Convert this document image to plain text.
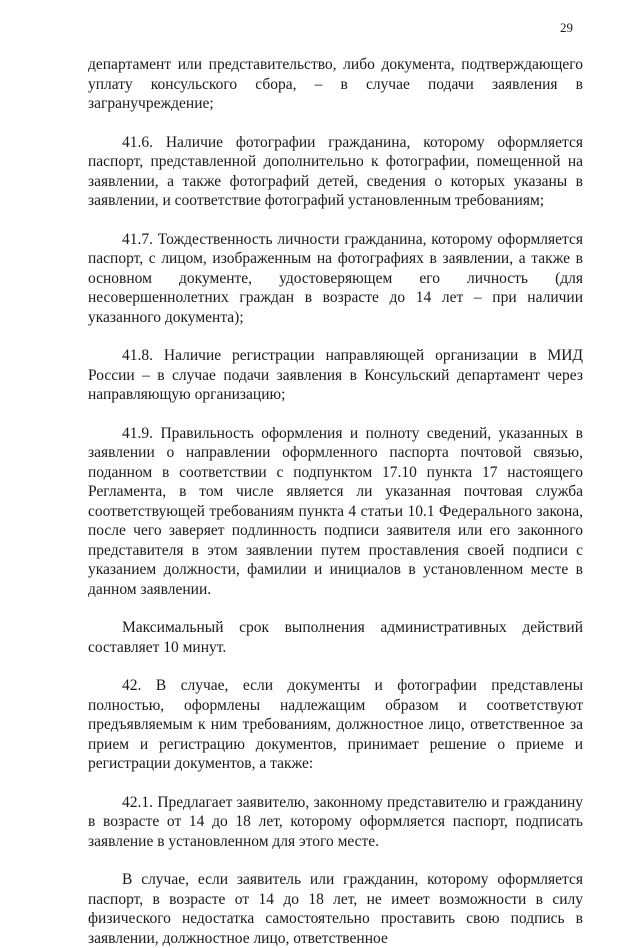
29

департамент или представительство, либо документа, подтверждающего уплату консульского сбора, – в случае подачи заявления в загранучреждение;

41.6. Наличие фотографии гражданина, которому оформляется паспорт, представленной дополнительно к фотографии, помещенной на заявлении, а также фотографий детей, сведения о которых указаны в заявлении, и соответствие фотографий установленным требованиям;

41.7. Тождественность личности гражданина, которому оформляется паспорт, с лицом, изображенным на фотографиях в заявлении, а также в основном документе, удостоверяющем его личность (для несовершеннолетних граждан в возрасте до 14 лет – при наличии указанного документа);

41.8. Наличие регистрации направляющей организации в МИД России – в случае подачи заявления в Консульский департамент через направляющую организацию;

41.9. Правильность оформления и полноту сведений, указанных в заявлении о направлении оформленного паспорта почтовой связью, поданном в соответствии с подпунктом 17.10 пункта 17 настоящего Регламента, в том числе является ли указанная почтовая служба соответствующей требованиям пункта 4 статьи 10.1 Федерального закона, после чего заверяет подлинность подписи заявителя или его законного представителя в этом заявлении путем проставления своей подписи с указанием должности, фамилии и инициалов в установленном месте в данном заявлении.

Максимальный срок выполнения административных действий составляет 10 минут.

42. В случае, если документы и фотографии представлены полностью, оформлены надлежащим образом и соответствуют предъявляемым к ним требованиям, должностное лицо, ответственное за прием и регистрацию документов, принимает решение о приеме и регистрации документов, а также:

42.1. Предлагает заявителю, законному представителю и гражданину в возрасте от 14 до 18 лет, которому оформляется паспорт, подписать заявление в установленном для этого месте.

В случае, если заявитель или гражданин, которому оформляется паспорт, в возрасте от 14 до 18 лет, не имеет возможности в силу физического недостатка самостоятельно проставить свою подпись в заявлении, должностное лицо, ответственное
